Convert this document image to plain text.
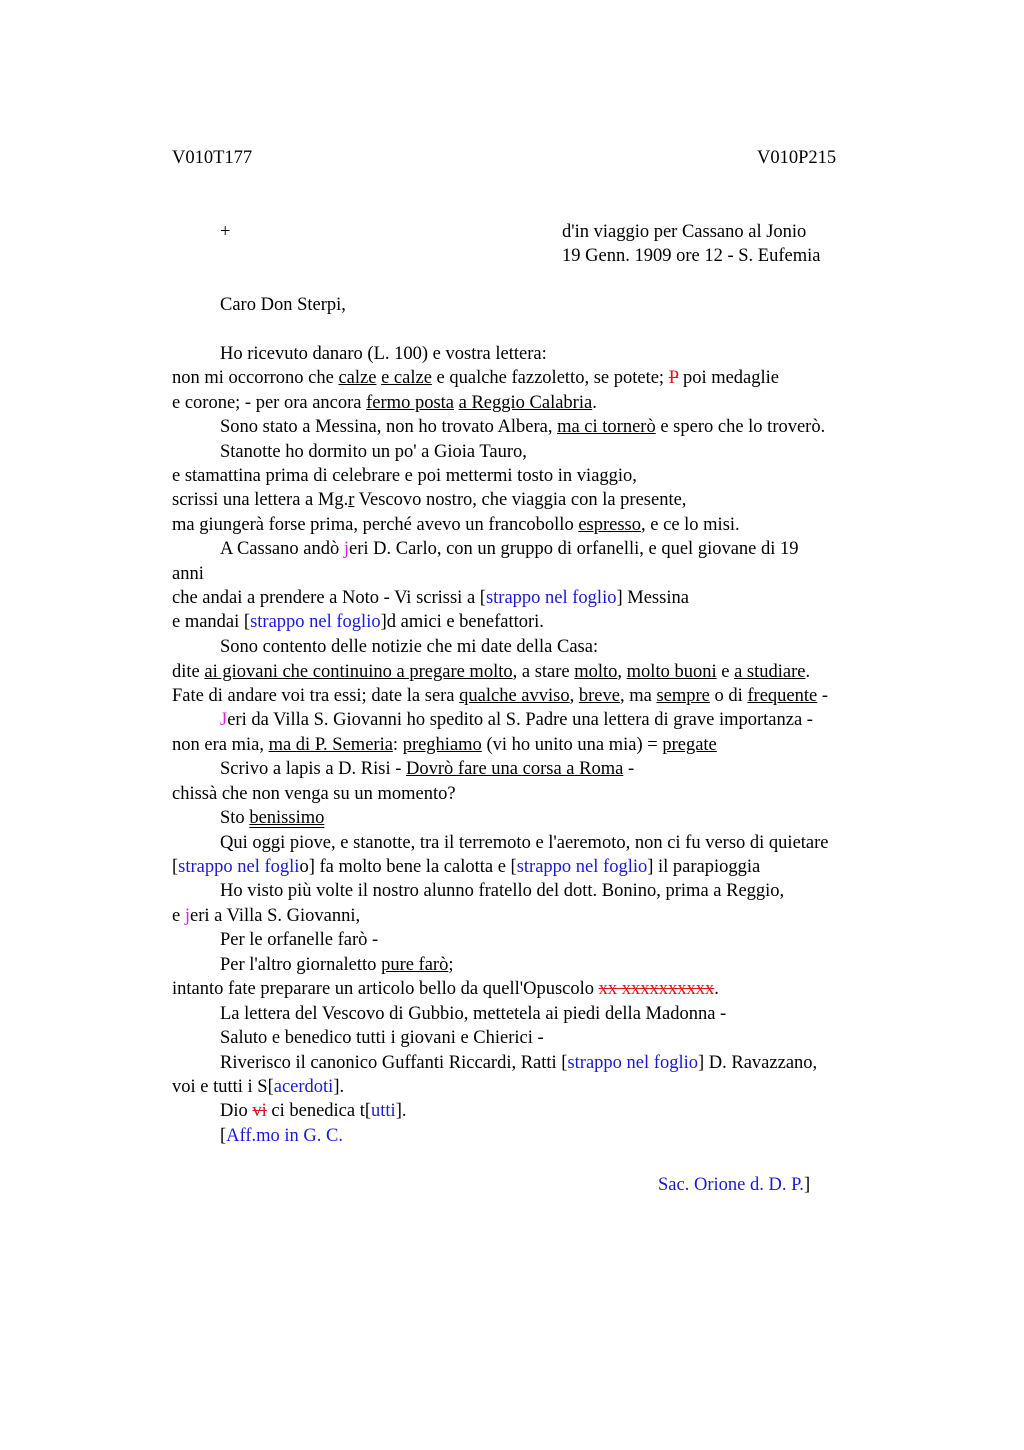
V010T177	V010P215
+	d'in viaggio per Cassano al Jonio
19 Genn. 1909 ore 12 - S. Eufemia
Caro Don Sterpi,
Ho ricevuto danaro (L. 100) e vostra lettera:
non mi occorrono che calze e calze e qualche fazzoletto, se potete; P poi medaglie
e corone; - per ora ancora fermo posta a Reggio Calabria.
Sono stato a Messina, non ho trovato Albera, ma ci tornerò e spero che lo troverò.
Stanotte ho dormito un po' a Gioia Tauro,
e stamattina prima di celebrare e poi mettermi tosto in viaggio,
scrissi una lettera a Mg.r Vescovo nostro, che viaggia con la presente,
ma giungerà forse prima, perché avevo un francobollo espresso, e ce lo misi.
A Cassano andò jeri D. Carlo, con un gruppo di orfanelli, e quel giovane di 19
anni
che andai a prendere a Noto - Vi scrissi a [strappo nel foglio] Messina
e mandai [strappo nel foglio]d amici e benefattori.
Sono contento delle notizie che mi date della Casa:
dite ai giovani che continuino a pregare molto, a stare molto, molto buoni e a studiare.
Fate di andare voi tra essi; date la sera qualche avviso, breve, ma sempre o di frequente -
Jeri da Villa S. Giovanni ho spedito al S. Padre una lettera di grave importanza -
non era mia, ma di P. Semeria: preghiamo (vi ho unito una mia) = pregate
Scrivo a lapis a D. Risi - Dovrò fare una corsa a Roma -
chissà che non venga su un momento?
Sto benissimo
Qui oggi piove, e stanotte, tra il terremoto e l'aeremoto, non ci fu verso di quietare
[strappo nel foglio] fa molto bene la calotta e [strappo nel foglio] il parapioggia
Ho visto più volte il nostro alunno fratello del dott. Bonino, prima a Reggio,
e jeri a Villa S. Giovanni,
Per le orfanelle farò -
Per l'altro giornaletto pure farò;
intanto fate preparare un articolo bello da quell'Opuscolo xx xxxxxxxxxx.
La lettera del Vescovo di Gubbio, mettetela ai piedi della Madonna -
Saluto e benedico tutti i giovani e Chierici -
Riverisco il canonico Guffanti Riccardi, Ratti [strappo nel foglio] D. Ravazzano,
voi e tutti i S[acerdoti].
Dio vi ci benedica t[utti].
[Aff.mo in G. C.
Sac. Orione d. D. P.]
